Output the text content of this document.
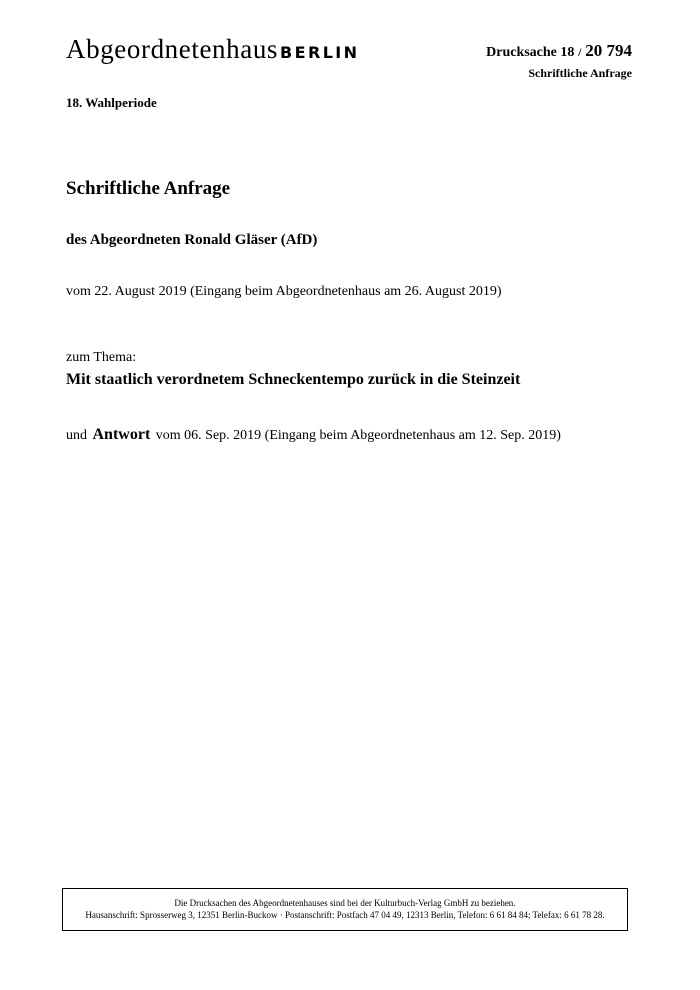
Abgeordnetenhaus BERLIN	Drucksache 18 / 20 794
Schriftliche Anfrage
18. Wahlperiode
Schriftliche Anfrage
des Abgeordneten Ronald Gläser (AfD)
vom 22. August 2019 (Eingang beim Abgeordnetenhaus am 26. August 2019)
zum Thema:
Mit staatlich verordnetem Schneckentempo zurück in die Steinzeit
und Antwort vom 06. Sep. 2019 (Eingang beim Abgeordnetenhaus am 12. Sep. 2019)
Die Drucksachen des Abgeordnetenhauses sind bei der Kulturbuch-Verlag GmbH zu beziehen.
Hausanschrift: Sprosserweg 3, 12351 Berlin-Buckow · Postanschrift: Postfach 47 04 49, 12313 Berlin, Telefon: 6 61 84 84; Telefax: 6 61 78 28.
